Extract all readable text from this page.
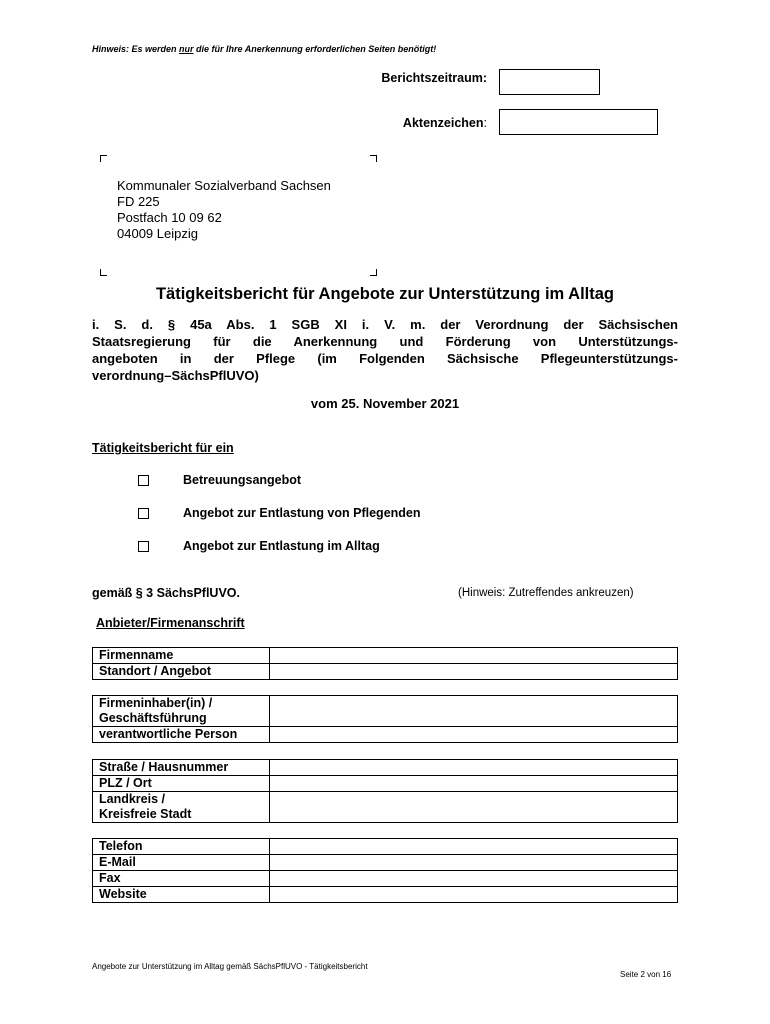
Hinweis: Es werden nur die für Ihre Anerkennung erforderlichen Seiten benötigt!
Berichtszeitraum:
Aktenzeichen:
Kommunaler Sozialverband Sachsen
FD 225
Postfach 10 09 62
04009 Leipzig
Tätigkeitsbericht für Angebote zur Unterstützung im Alltag
i. S. d. § 45a Abs. 1 SGB XI i. V. m. der Verordnung der Sächsischen
Staatsregierung für die Anerkennung und Förderung von Unterstützungs-
angeboten in der Pflege (im Folgenden Sächsische Pflegeunterstützungs-
verordnung–SächsPflUVO)
vom 25. November 2021
Tätigkeitsbericht für ein
Betreuungsangebot
Angebot zur Entlastung von Pflegenden
Angebot zur Entlastung im Alltag
gemäß § 3 SächsPflUVO.	(Hinweis: Zutreffendes ankreuzen)
Anbieter/Firmenanschrift
Firmenname	
Standort / Angebot	
Firmeninhaber(in) /
Geschäftsführung	

verantwortliche Person	
Straße / Hausnummer	
PLZ / Ort	

Landkreis /
Kreisfreie Stadt	

Telefon	
E-Mail	
Fax	
Website	
Angebote zur Unterstützung im Alltag gemäß SächsPflUVO - Tätigkeitsbericht
Seite 2 von 16
